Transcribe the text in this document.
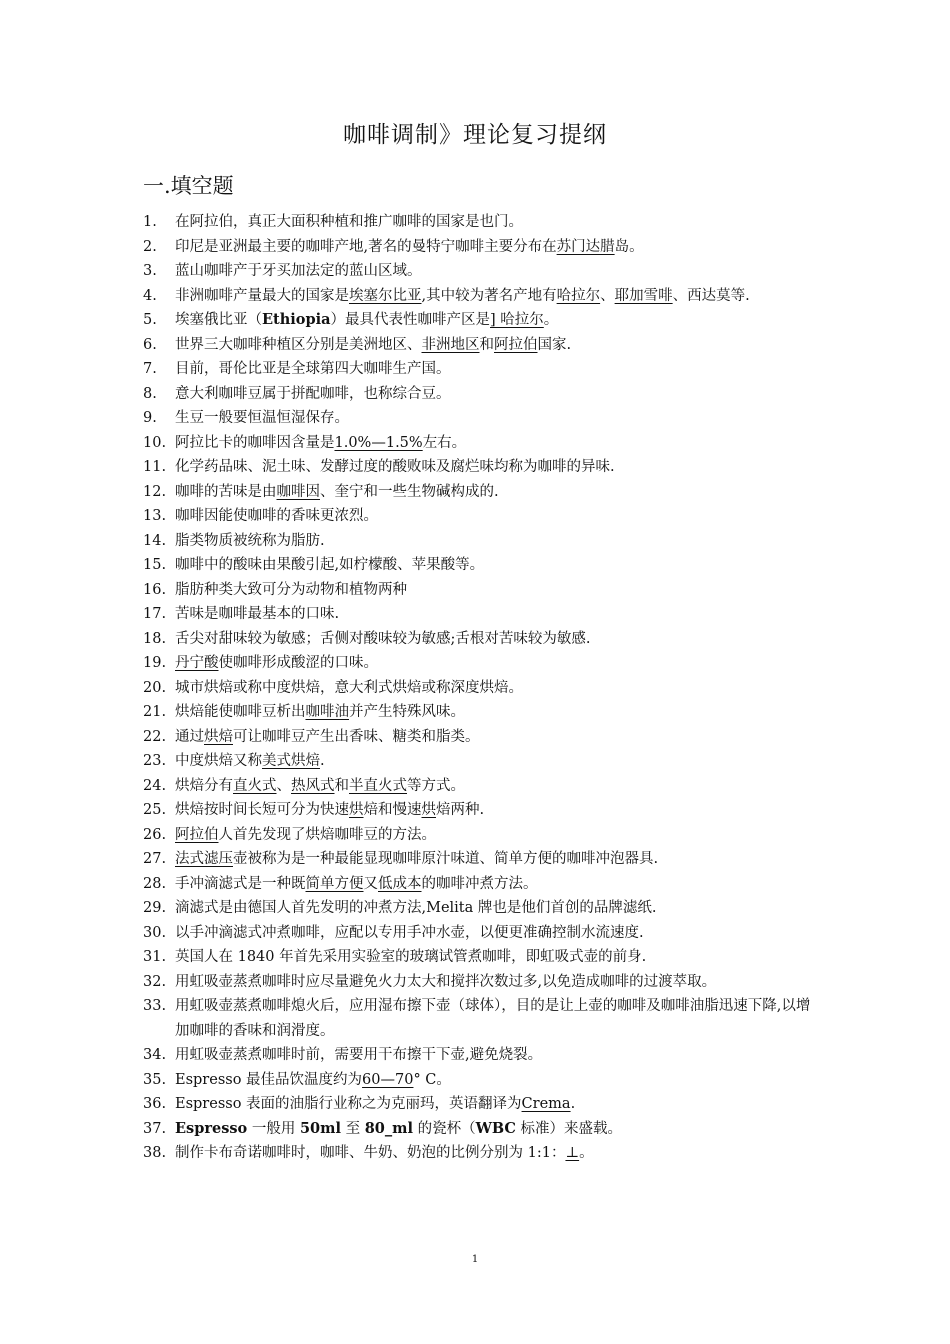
咖啡调制》理论复习提纲
一.填空题
1.	在阿拉伯，真正大面积种植和推广咖啡的国家是也门。
2.	印尼是亚洲最主要的咖啡产地,著名的曼特宁咖啡主要分布在苏门达腊岛。
3.	蓝山咖啡产于牙买加法定的蓝山区域。
4.	非洲咖啡产量最大的国家是埃塞尔比亚,其中较为著名产地有哈拉尔、耶加雪啡、西达莫等.
5.	埃塞俄比亚（Ethiopia）最具代表性咖啡产区是] 哈拉尔。
6.	世界三大咖啡种植区分别是美洲地区、非洲地区和阿拉伯国家.
7.	目前，哥伦比亚是全球第四大咖啡生产国。
8.	意大利咖啡豆属于拼配咖啡，也称综合豆。
9.	生豆一般要恒温恒湿保存。
10. 阿拉比卡的咖啡因含量是1.0%—1.5%左右。
11. 化学药品味、泥土味、发酵过度的酸败味及腐烂味均称为咖啡的异味.
12. 咖啡的苦味是由咖啡因、奎宁和一些生物碱构成的.
13. 咖啡因能使咖啡的香味更浓烈。
14. 脂类物质被统称为脂肪.
15. 咖啡中的酸味由果酸引起,如柠檬酸、苹果酸等。
16. 脂肪种类大致可分为动物和植物两种
17. 苦味是咖啡最基本的口味.
18. 舌尖对甜味较为敏感；舌侧对酸味较为敏感;舌根对苦味较为敏感.
19. 丹宁酸使咖啡形成酸涩的口味。
20. 城市烘焙或称中度烘焙，意大利式烘焙或称深度烘焙。
21. 烘焙能使咖啡豆析出咖啡油并产生特殊风味。
22. 通过烘焙可让咖啡豆产生出香味、糖类和脂类。
23. 中度烘焙又称美式烘焙.
24. 烘焙分有直火式、热风式和半直火式等方式。
25. 烘焙按时间长短可分为快速烘焙和慢速烘焙两种.
26. 阿拉伯人首先发现了烘焙咖啡豆的方法。
27. 法式滤压壶被称为是一种最能显现咖啡原汁味道、简单方便的咖啡冲泡器具.
28. 手冲滴滤式是一种既简单方便又低成本的咖啡冲煮方法。
29. 滴滤式是由德国人首先发明的冲煮方法,Melita 牌也是他们首创的品牌滤纸.
30. 以手冲滴滤式冲煮咖啡，应配以专用手冲水壶，以便更准确控制水流速度.
31. 英国人在 1840 年首先采用实验室的玻璃试管煮咖啡，即虹吸式壶的前身.
32. 用虹吸壶蒸煮咖啡时应尽量避免火力太大和搅拌次数过多,以免造成咖啡的过渡萃取。
33. 用虹吸壶蒸煮咖啡熄火后，应用湿布擦下壶（球体），目的是让上壶的咖啡及咖啡油脂迅速下降,以增加咖啡的香味和润滑度。
34. 用虹吸壶蒸煮咖啡时前，需要用干布擦干下壶,避免烧裂。
35. Espresso 最佳品饮温度约为60—70° C。
36. Espresso 表面的油脂行业称之为克丽玛，英语翻译为Crema.
37. Espresso 一般用 50ml 至 80_ml 的瓷杯（WBC 标准）来盛载。
38. 制作卡布奇诺咖啡时，咖啡、牛奶、奶泡的比例分别为 1:1：⊥。
1
